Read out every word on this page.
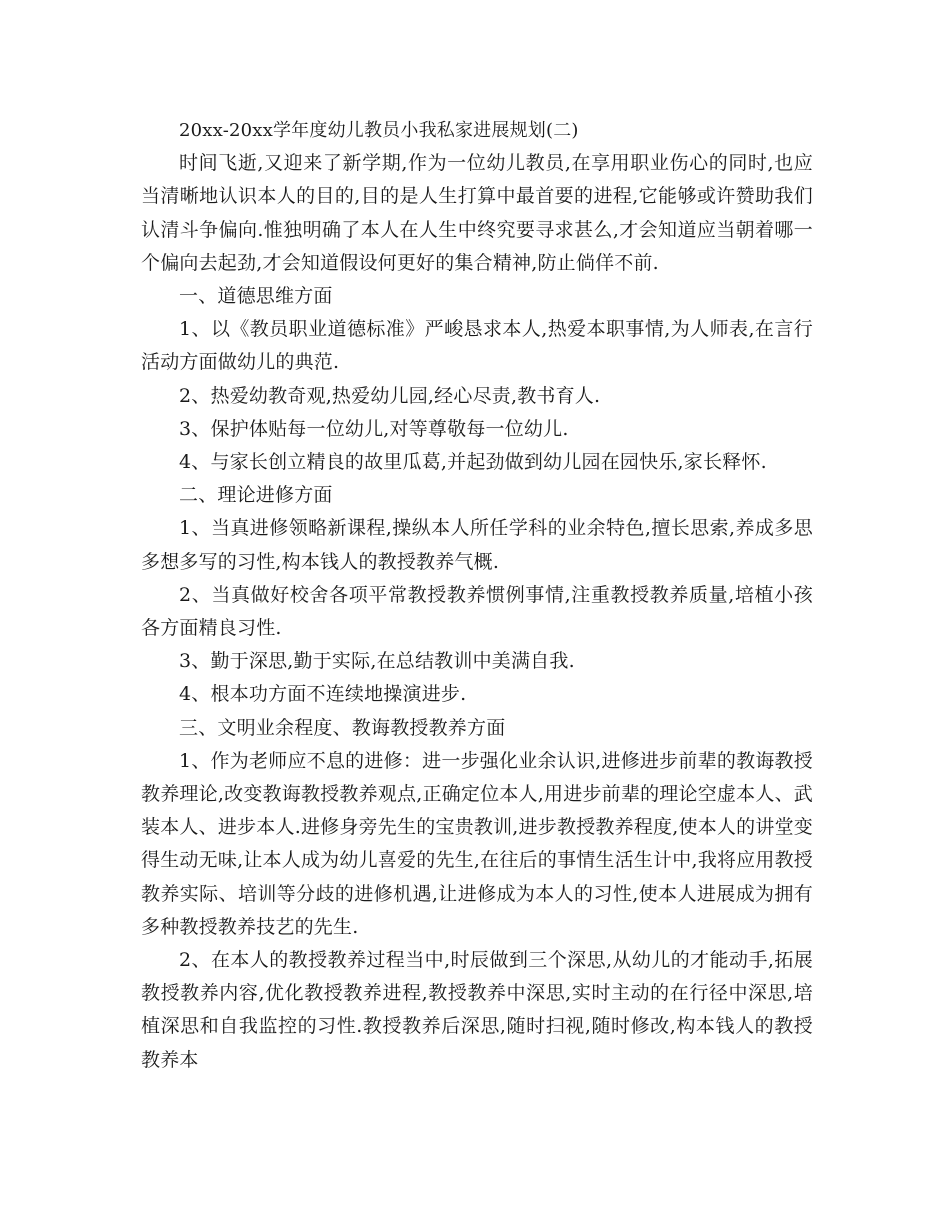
20xx-20xx学年度幼儿教员小我私家进展规划(二)

时间飞逝,又迎来了新学期,作为一位幼儿教员,在享用职业伤心的同时,也应当清晰地认识本人的目的,目的是人生打算中最首要的进程,它能够或许赞助我们认清斗争偏向.惟独明确了本人在人生中终究要寻求甚么,才会知道应当朝着哪一个偏向去起劲,才会知道假设何更好的集合精神,防止倘佯不前.

一、道德思维方面

1、以《教员职业道德标准》严峻恳求本人,热爱本职事情,为人师表,在言行活动方面做幼儿的典范.

2、热爱幼教奇观,热爱幼儿园,经心尽责,教书育人.

3、保护体贴每一位幼儿,对等尊敬每一位幼儿.

4、与家长创立精良的故里瓜葛,并起劲做到幼儿园在园快乐,家长释怀.

二、理论进修方面

1、当真进修领略新课程,操纵本人所任学科的业余特色,擅长思索,养成多思多想多写的习性,构本钱人的教授教养气概.

2、当真做好校舍各项平常教授教养惯例事情,注重教授教养质量,培植小孩各方面精良习性.

3、勤于深思,勤于实际,在总结教训中美满自我.

4、根本功方面不连续地操演进步.

三、文明业余程度、教诲教授教养方面

1、作为老师应不息的进修：进一步强化业余认识,进修进步前辈的教诲教授教养理论,改变教诲教授教养观点,正确定位本人,用进步前辈的理论空虚本人、武装本人、进步本人.进修身旁先生的宝贵教训,进步教授教养程度,使本人的讲堂变得生动无味,让本人成为幼儿喜爱的先生,在往后的事情生活生计中,我将应用教授教养实际、培训等分歧的进修机遇,让进修成为本人的习性,使本人进展成为拥有多种教授教养技艺的先生.

2、在本人的教授教养过程当中,时辰做到三个深思,从幼儿的才能动手,拓展教授教养内容,优化教授教养进程,教授教养中深思,实时主动的在行径中深思,培植深思和自我监控的习性.教授教养后深思,随时扫视,随时修改,构本钱人的教授教养本
